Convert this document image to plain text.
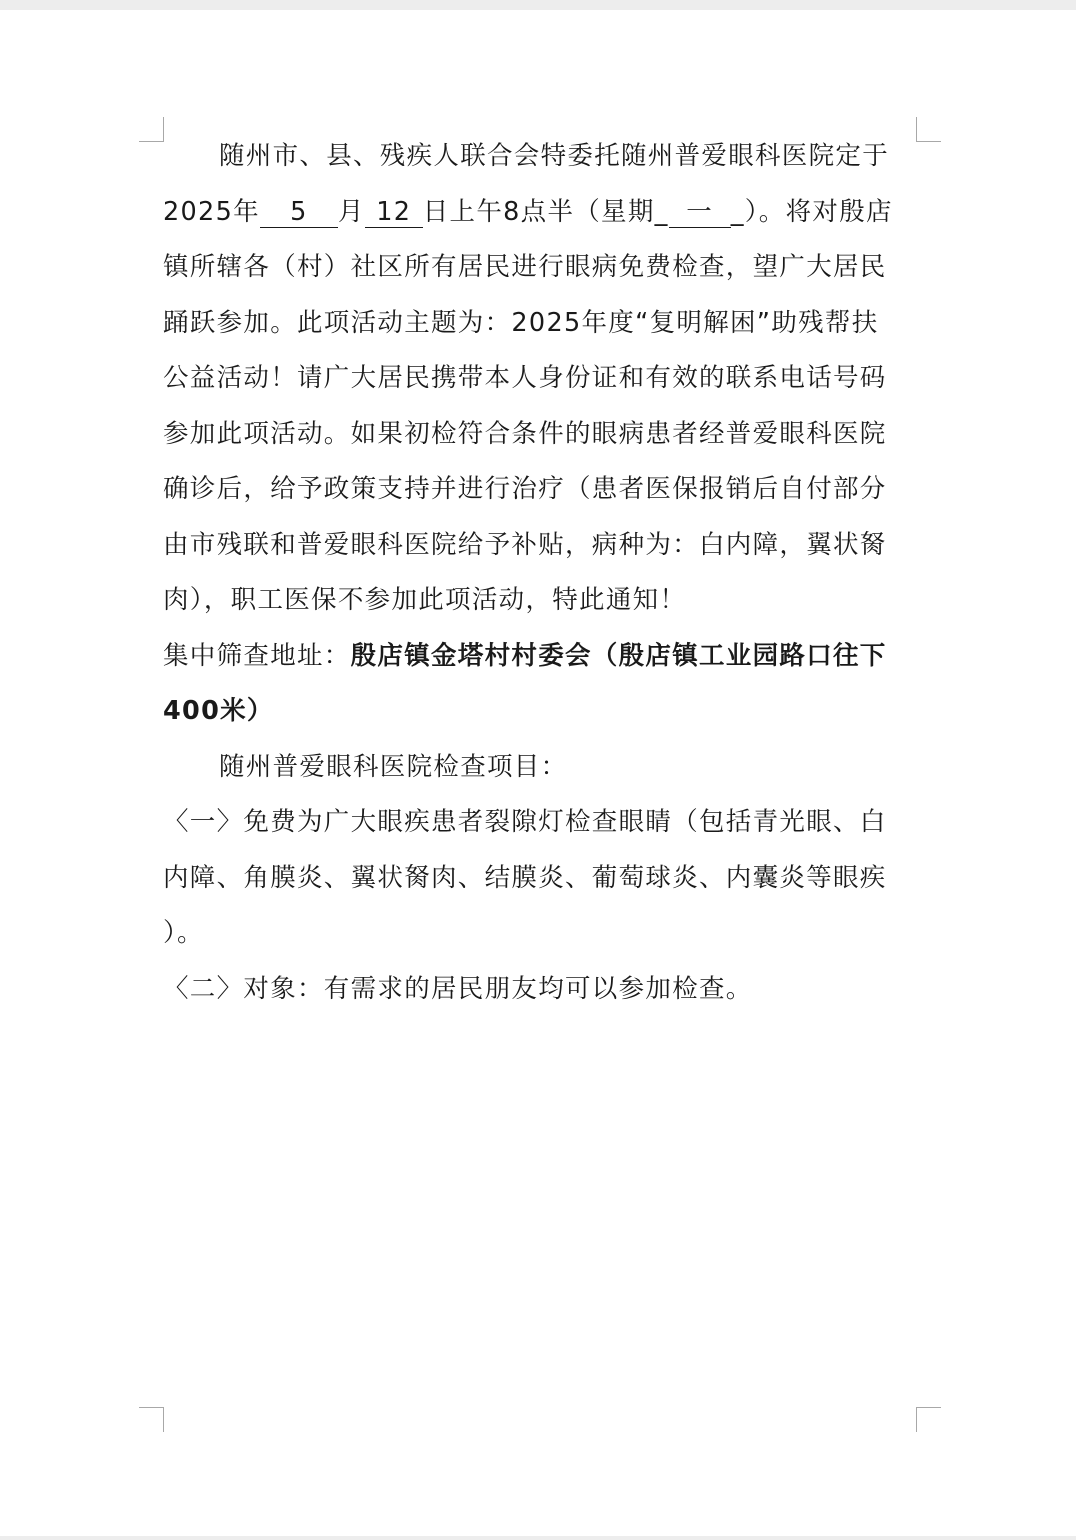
随州市、县、残疾人联合会特委托随州普爱眼科医院定于
2025年 5 月 12 日上午8点半（星期_ 一 _）。将对殷店
镇所辖各（村）社区所有居民进行眼病免费检查，望广大居民
踊跃参加。此项活动主题为：2025年度“复明解困”助残帮扶
公益活动！请广大居民携带本人身份证和有效的联系电话号码
参加此项活动。如果初检符合条件的眼病患者经普爱眼科医院
确诊后，给予政策支持并进行治疗（患者医保报销后自付部分
由市残联和普爱眼科医院给予补贴，病种为：白内障，翼状胬
肉），职工医保不参加此项活动，特此通知！
集中筛查地址：殷店镇金塔村村委会（殷店镇工业园路口往下
400米）
随州普爱眼科医院检查项目：
〈一〉免费为广大眼疾患者裂隙灯检查眼睛（包括青光眼、白
内障、角膜炎、翼状胬肉、结膜炎、葡萄球炎、内囊炎等眼疾
）。
〈二〉对象：有需求的居民朋友均可以参加检查。
